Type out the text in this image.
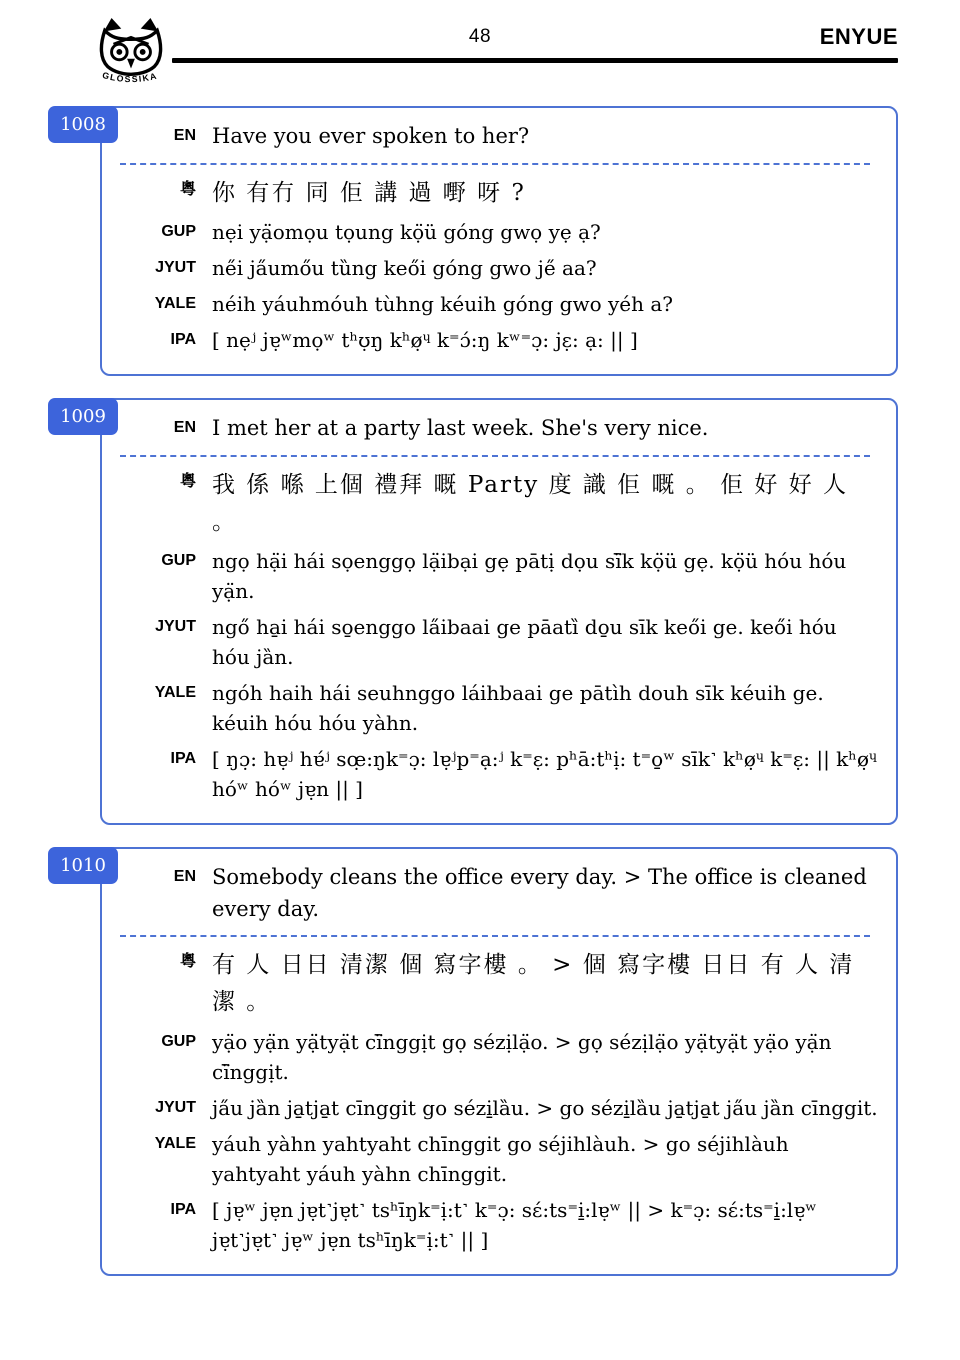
GLOSSIKA
48	ENYUE
1008
EN Have you ever spoken to her?
粵 你 有冇 同 佢 講 過 嘢 呀 ?
GUP nẹi yạ̈omọu tọung kọ̈ü góng gwọ yẹ ạ?
JYUT ne̋i ja̋umőu tȕng keői góng gwo je̋ aa?
YALE néih yáuhmóuh tùhng kéuih góng gwo yéh a?
IPA [ nẹʲ jɐ̣ʷmọʷ tʰʊ̣ŋ kʰø̣ᶣ k⁼ɔ́:ŋ kʷ⁼ɔ̣: jɛ̣: ạ: || ]
1009
EN I met her at a party last week. She's very nice.
粵 我 係 喺 上個 禮拜 嘅 Party 度 識 佢 嘅 。 佢 好 好 人 。
GUP ngọ hạ̈i hái sọenggọ lạ̈ibại gẹ pātị dọu sï̄k kọ̈ü gẹ. kọ̈ü hóu hóu yạ̈n.
JYUT ngő ha̱i hái so̱enggo la̋ibaai ge pāatȉ do̱u sīk keői ge. keői hóu hóu jȁn.
YALE ngóh haih hái seuhnggo láihbaai ge pātìh douh sīk kéuih ge. kéuih hóu hóu yàhn.
IPA [ ŋɔ̣: hɐ̣ʲ hɐ́ʲ sœ̣:ŋk⁼ɔ̣: lɐ̣ʲp⁼ạ:ʲ k⁼ɛ̣: pʰā:tʰị: t⁼o̱ʷ sīk˺ kʰø̣ᶣ k⁼ɛ̣: || kʰø̣ᶣ hóʷ hóʷ jɐ̣n || ]
1010
EN Somebody cleans the office every day. > The office is cleaned every day.
粵 有 人 日日 清潔 個 寫字樓 。 > 個 寫字樓 日日 有 人 清潔 。
GUP yạ̈o yạ̈n yạ̈tyạ̈t cï̄nggịt gọ sézịlạ̈o. > gọ sézịlạ̈o yạ̈tyạ̈t yạ̈o yạ̈n cï̄nggịt.
JYUT ja̋u jȁn ja̱tja̱t cīnggit go sézi̱lȁu. > go sézi̱lȁu ja̱tja̱t ja̋u jȁn cīnggit.
YALE yáuh yàhn yahtyaht chīnggit go séjihlàuh. > go séjihlàuh yahtyaht yáuh yàhn chīnggit.
IPA [ jɐ̣ʷ jɐ̣n jɐ̣t˺jɐ̣t˺ tsʰīŋk⁼ị:t˺ k⁼ɔ̣: sɛ́:ts⁼i̱:lɐ̣ʷ || > k⁼ɔ̣: sɛ́:ts⁼i̱:lɐ̣ʷ jɐ̣t˺jɐ̣t˺ jɐ̣ʷ jɐ̣n tsʰīŋk⁼ị:t˺ || ]
